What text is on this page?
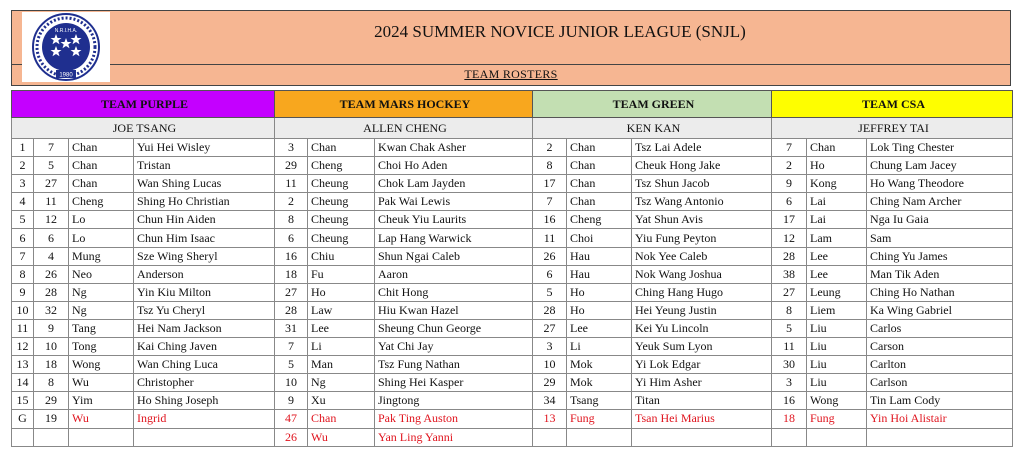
N.R.I.H.A.
1980
2024 SUMMER NOVICE JUNIOR LEAGUE (SNJL)
TEAM ROSTERS
TEAM PURPLE				TEAM MARS HOCKEY			TEAM GREEN			TEAM CSA		
JOE TSANG				ALLEN CHENG			KEN KAN			JEFFREY TAI		
1	7	Chan	Yui Hei Wisley	3	Chan	Kwan Chak Asher	2	Chan	Tsz Lai Adele	7	Chan	Lok Ting Chester
2	5	Chan	Tristan	29	Cheng	Choi Ho Aden	8	Chan	Cheuk Hong Jake	2	Ho	Chung Lam Jacey
3	27	Chan	Wan Shing Lucas	11	Cheung	Chok Lam Jayden	17	Chan	Tsz Shun Jacob	9	Kong	Ho Wang Theodore
4	11	Cheng	Shing Ho Christian	2	Cheung	Pak Wai Lewis	7	Chan	Tsz Wang Antonio	6	Lai	Ching Nam Archer
5	12	Lo	Chun Hin Aiden	8	Cheung	Cheuk Yiu Laurits	16	Cheng	Yat Shun Avis	17	Lai	Nga Iu Gaia
6	6	Lo	Chun Him Isaac	6	Cheung	Lap Hang Warwick	11	Choi	Yiu Fung Peyton	12	Lam	Sam
7	4	Mung	Sze Wing Sheryl	16	Chiu	Shun Ngai Caleb	26	Hau	Nok Yee Caleb	28	Lee	Ching Yu James
8	26	Neo	Anderson	18	Fu	Aaron	6	Hau	Nok Wang Joshua	38	Lee	Man Tik Aden
9	28	Ng	Yin Kiu Milton	27	Ho	Chit Hong	5	Ho	Ching Hang Hugo	27	Leung	Ching Ho Nathan
10	32	Ng	Tsz Yu Cheryl	28	Law	Hiu Kwan Hazel	28	Ho	Hei Yeung Justin	8	Liem	Ka Wing Gabriel
11	9	Tang	Hei Nam Jackson	31	Lee	Sheung Chun George	27	Lee	Kei Yu Lincoln	5	Liu	Carlos
12	10	Tong	Kai Ching Javen	7	Li	Yat Chi Jay	3	Li	Yeuk Sum Lyon	11	Liu	Carson
13	18	Wong	Wan Ching Luca	5	Man	Tsz Fung Nathan	10	Mok	Yi Lok Edgar	30	Liu	Carlton
14	8	Wu	Christopher	10	Ng	Shing Hei Kasper	29	Mok	Yi Him Asher	3	Liu	Carlson
15	29	Yim	Ho Shing Joseph	9	Xu	Jingtong	34	Tsang	Titan	16	Wong	Tin Lam Cody
G	19	Wu	Ingrid	47	Chan	Pak Ting Auston	13	Fung	Tsan Hei Marius	18	Fung	Yin Hoi Alistair
				26	Wu	Yan Ling Yanni						
